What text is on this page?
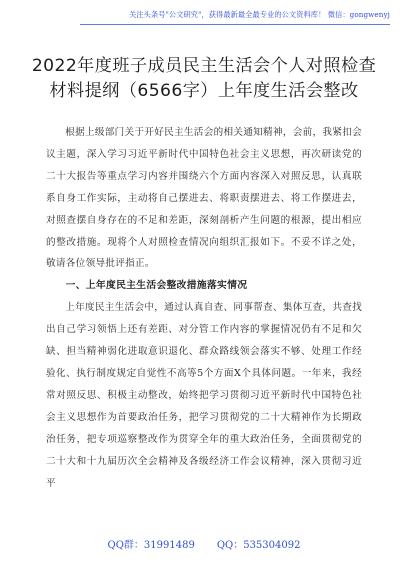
关注头条号"公文研究"，获得最新最全最专业的公文资料库！ 微信：gongwenyj
2022年度班子成员民主生活会个人对照检查材料提纲（6566字）上年度生活会整改

根据上级部门关于开好民主生活会的相关通知精神，会前，我紧扣会议主题，深入学习习近平新时代中国特色社会主义思想，再次研读党的二十大报告等重点学习内容并围绕六个方面内容深入对照反思，认真联系自身工作实际，主动将自己摆进去、将职责摆进去、将工作摆进去，对照查摆自身存在的不足和差距，深刻剖析产生问题的根源，提出相应的整改措施。现将个人对照检查情况向组织汇报如下。不妥不详之处，敬请各位领导批评指正。

一、上年度民主生活会整改措施落实情况

上年度民主生活会中，通过认真自查、同事帮查、集体互查，共查找出自己学习领悟上还有差距、对分管工作内容的掌握情况仍有不足和欠缺、担当精神弱化进取意识退化、群众路线领会落实不够、处理工作经验化、执行制度规定自觉性不高等5个方面X个具体问题。一年来，我经常对照反思、积极主动整改，始终把学习贯彻习近平新时代中国特色社会主义思想作为首要政治任务，把学习贯彻党的二十大精神作为长期政治任务，把专项巡察整改作为贯穿全年的重大政治任务，全面贯彻党的二十大和十九届历次全会精神及各级经济工作会议精神，深入贯彻习近平

QQ群：31991489 QQ：535304092
